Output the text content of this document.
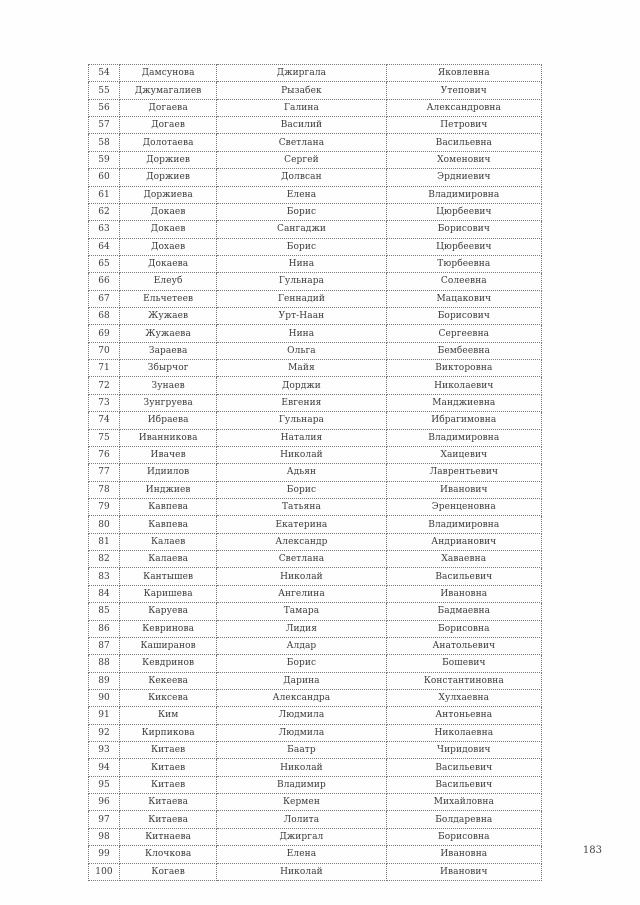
54	Дамсунова	Джиргала	Яковлевна
55	Джумагалиев	Рызабек	Утепович
56	Догаева	Галина	Александровна
57	Догаев	Василий	Петрович
58	Долотаева	Светлана	Васильевна
59	Доржиев	Сергей	Хоменович
60	Доржиев	Долвсан	Эрдниевич
61	Доржиева	Елена	Владимировна
62	Докаев	Борис	Цюрбеевич
63	Докаев	Сангаджи	Борисович
64	Доxаев	Борис	Цюрбеевич
65	Докаева	Нина	Тюрбеевна
66	Елеуб	Гульнара	Солеевна
67	Ельчетеев	Геннадий	Мацакович
68	Жужаев	Урт-Наан	Борисович
69	Жужаева	Нина	Сергеевна
70	Зараева	Ольга	Бембеевна
71	Збырчог	Майя	Викторовна
72	Зунаев	Дорджи	Николаевич
73	Зунгруева	Евгения	Манджиевна
74	Ибраева	Гульнара	Ибрагимовна
75	Иванникова	Наталия	Владимировна
76	Ивачев	Николай	Хаицевич
77	Идиилов	Адьян	Лаврентьевич
78	Инджиев	Борис	Иванович
79	Кавпева	Татьяна	Эренценовна
80	Кавпева	Екатерина	Владимировна
81	Калаев	Александр	Андрианович
82	Калаева	Светлана	Хаваевна
83	Кантышев	Николай	Васильевич
84	Каришева	Ангелина	Ивановна
85	Каруева	Тамара	Бадмаевна
86	Кевринова	Лидия	Борисовна
87	Каширанов	Алдар	Анатольевич
88	Кевдринов	Борис	Бошевич
89	Кекеева	Дарина	Константиновна
90	Киксева	Александра	Хулхаевна
91	Ким	Людмила	Антоньевна
92	Кирпикова	Людмила	Николаевна
93	Китаев	Баатр	Чиридович
94	Китаев	Николай	Васильевич
95	Китаев	Владимир	Васильевич
96	Китаева	Кермен	Михайловна
97	Китаева	Лолита	Болдаревна
98	Китнаева	Джиргал	Борисовна
99	Клочкова	Елена	Ивановна
100	Когаев	Николай	Иванович
183
